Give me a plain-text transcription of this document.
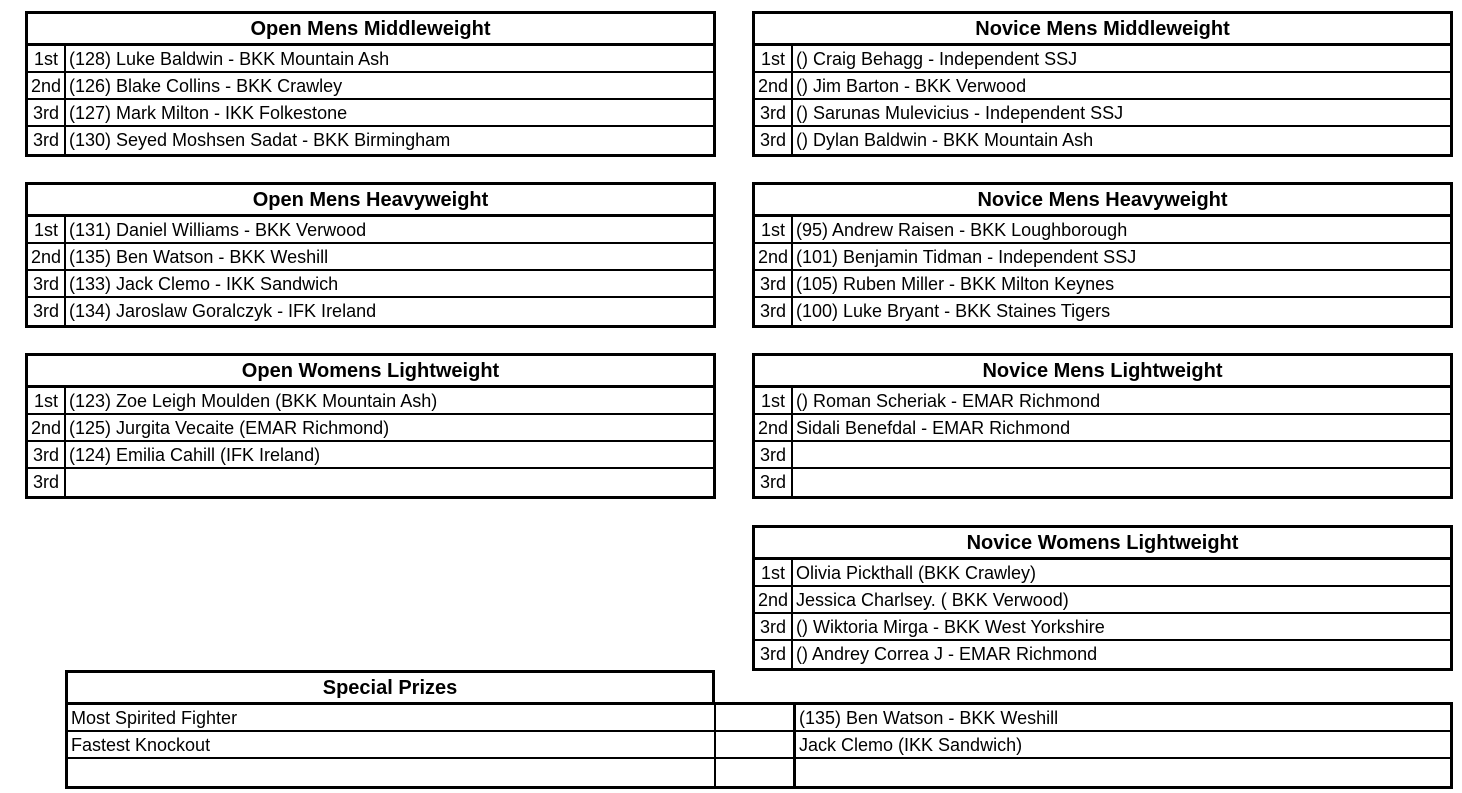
Open Mens Middleweight
1st (128) Luke Baldwin - BKK Mountain Ash
2nd (126) Blake Collins - BKK Crawley
3rd (127) Mark Milton - IKK Folkestone
3rd (130) Seyed Moshsen Sadat - BKK Birmingham
Novice Mens Middleweight
1st () Craig Behagg - Independent SSJ
2nd () Jim Barton - BKK Verwood
3rd () Sarunas Mulevicius - Independent SSJ
3rd () Dylan Baldwin - BKK Mountain Ash
Open Mens Heavyweight
1st (131) Daniel Williams - BKK Verwood
2nd (135) Ben Watson - BKK Weshill
3rd (133) Jack Clemo - IKK Sandwich
3rd (134) Jaroslaw Goralczyk - IFK Ireland
Novice Mens Heavyweight
1st (95) Andrew Raisen - BKK Loughborough
2nd (101) Benjamin Tidman - Independent SSJ
3rd (105) Ruben Miller - BKK Milton Keynes
3rd (100) Luke Bryant - BKK Staines Tigers
Open Womens Lightweight
1st (123) Zoe Leigh Moulden (BKK Mountain Ash)
2nd (125) Jurgita Vecaite (EMAR Richmond)
3rd (124) Emilia Cahill (IFK Ireland)
3rd
Novice Mens Lightweight
1st () Roman Scheriak - EMAR Richmond
2nd Sidali Benefdal - EMAR Richmond
3rd
3rd
Novice Womens Lightweight
1st Olivia Pickthall (BKK Crawley)
2nd Jessica Charlsey. ( BKK Verwood)
3rd () Wiktoria Mirga - BKK West Yorkshire
3rd () Andrey Correa J - EMAR Richmond
Special Prizes
Most Spirited Fighter	(135) Ben Watson - BKK Weshill
Fastest Knockout	Jack Clemo (IKK Sandwich)
